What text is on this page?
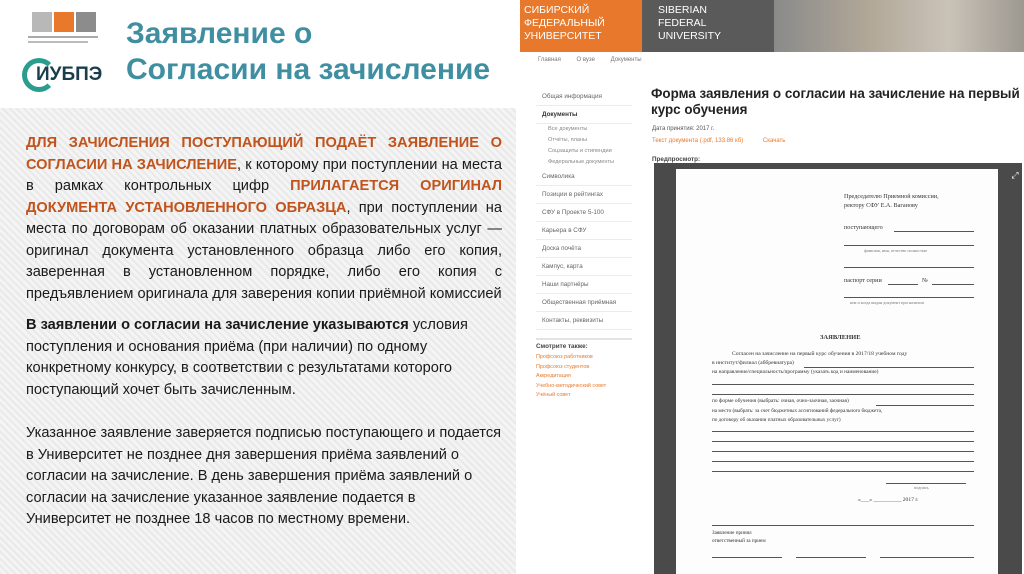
ИУБПЭ
Заявление о
Согласии на зачисление

ДЛЯ ЗАЧИСЛЕНИЯ ПОСТУПАЮЩИЙ ПОДАЁТ ЗАЯВЛЕНИЕ О СОГЛАСИИ НА ЗАЧИСЛЕНИЕ, к которому при поступлении на места в рамках контрольных цифр ПРИЛАГАЕТСЯ ОРИГИНАЛ ДОКУМЕНТА УСТАНОВЛЕННОГО ОБРАЗЦА, при поступлении на места по договорам об оказании платных образовательных услуг — оригинал документа установленного образца либо его копия, заверенная в установленном порядке, либо его копия с предъявлением оригинала для заверения копии приёмной комиссией

В заявлении о согласии на зачисление указываются условия поступления и основания приёма (при наличии) по одному конкретному конкурсу, в соответствии с результатами которого поступающий хочет быть зачисленным.

Указанное заявление заверяется подписью поступающего и подается в Университет не позднее дня завершения приёма заявлений о согласии на зачисление. В день завершения приёма заявлений о согласии на зачисление указанное заявление подается в Университет не позднее 18 часов по местному времени.

СИБИРСКИЙ
ФЕДЕРАЛЬНЫЙ
УНИВЕРСИТЕТ
SIBERIAN
FEDERAL
UNIVERSITY
Главная	О вузе	Документы
Общая информация
Документы
Все документы
Отчёты, планы
Соцзащиты и стипендии
Федеральные документы
Символика
Позиции в рейтингах
СФУ в Проекте 5-100
Карьера в СФУ
Доска почёта
Кампус, карта
Наши партнёры
Общественная приёмная
Контакты, реквизиты
Смотрите также:
Профсоюз работников
Профсоюз студентов
Аккредитация
Учебно-методический совет
Учёный совет
Форма заявления о согласии на зачисление на первый курс обучения
Дата принятия: 2017 г.
Текст документа (.pdf, 133.86 кб)	Скачать
Предпросмотр:
⤢
Председателю Приемной комиссии,
ректору СФУ Е.А. Ваганову
поступающего
фамилия, имя, отчество полностью
паспорт серии	№
кем и когда выдан документ при наличии
ЗАЯВЛЕНИЕ
Согласен на зачисление на первый курс обучения в 2017/18 учебном году
в институт/филиал (аббревиатура)
на направление/специальность/программу (указать код и наименование)
по форме обучения (выбрать: очная, очно-заочная, заочная)
на место (выбрать: за счет бюджетных ассигнований федерального бюджета,
по договору об оказании платных образовательных услуг)
подпись
«___» __________ 2017 г.
Заявление принял
ответственный за прием
